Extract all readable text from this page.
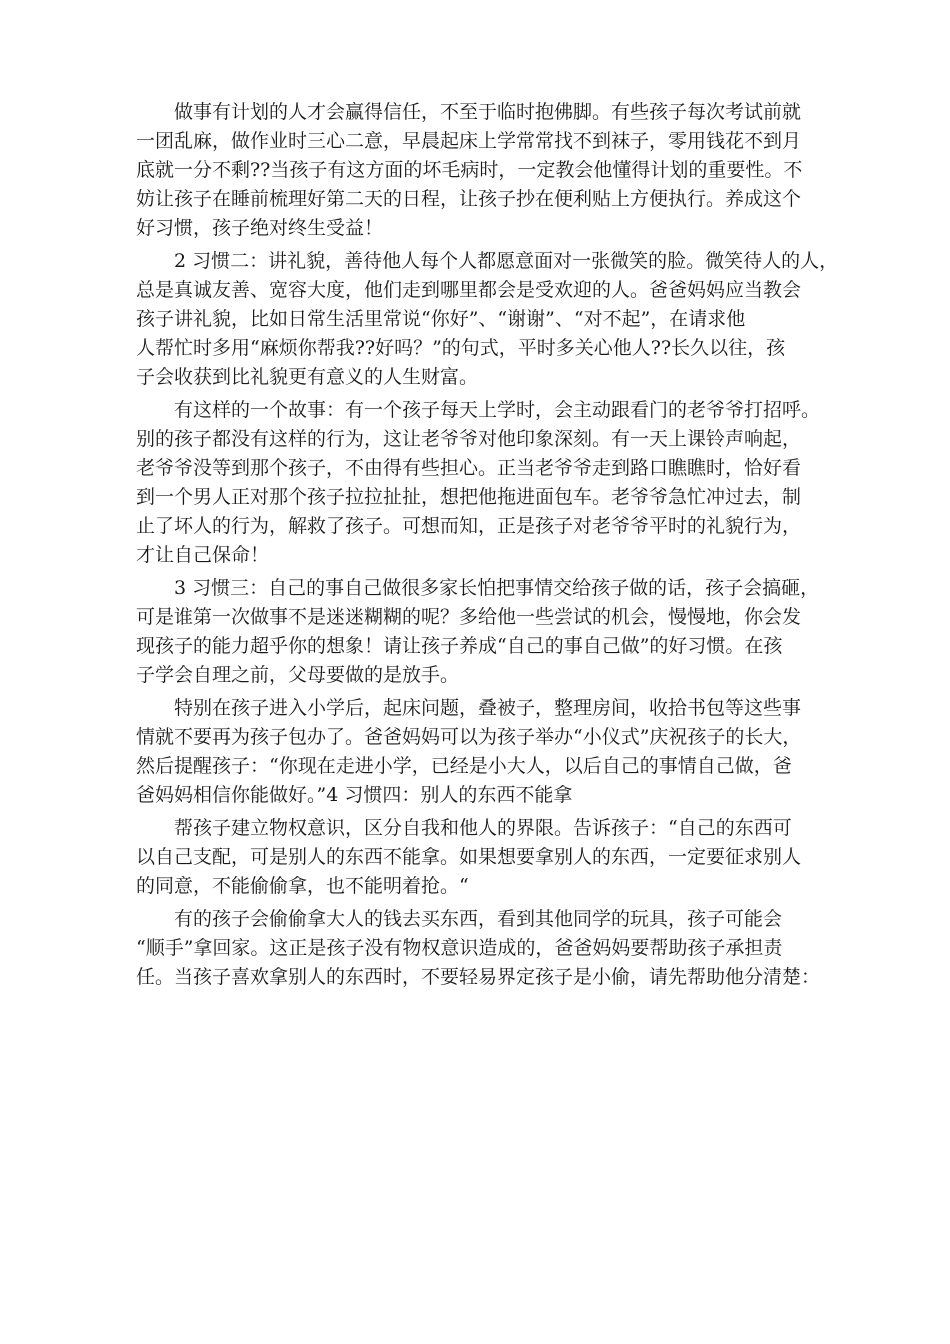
　　做事有计划的人才会赢得信任，不至于临时抱佛脚。有些孩子每次考试前就
一团乱麻，做作业时三心二意，早晨起床上学常常找不到袜子，零用钱花不到月
底就一分不剩??当孩子有这方面的坏毛病时，一定教会他懂得计划的重要性。不
妨让孩子在睡前梳理好第二天的日程，让孩子抄在便利贴上方便执行。养成这个
好习惯，孩子绝对终生受益！
　　2 习惯二：讲礼貌，善待他人每个人都愿意面对一张微笑的脸。微笑待人的人，
总是真诚友善、宽容大度，他们走到哪里都会是受欢迎的人。爸爸妈妈应当教会
孩子讲礼貌，比如日常生活里常说“你好”、“谢谢”、“对不起”，在请求他
人帮忙时多用“麻烦你帮我??好吗？”的句式，平时多关心他人??长久以往，孩
子会收获到比礼貌更有意义的人生财富。
　　有这样的一个故事：有一个孩子每天上学时，会主动跟看门的老爷爷打招呼。
别的孩子都没有这样的行为，这让老爷爷对他印象深刻。有一天上课铃声响起，
老爷爷没等到那个孩子，不由得有些担心。正当老爷爷走到路口瞧瞧时，恰好看
到一个男人正对那个孩子拉拉扯扯，想把他拖进面包车。老爷爷急忙冲过去，制
止了坏人的行为，解救了孩子。可想而知，正是孩子对老爷爷平时的礼貌行为，
才让自己保命！
　　3 习惯三：自己的事自己做很多家长怕把事情交给孩子做的话，孩子会搞砸，
可是谁第一次做事不是迷迷糊糊的呢？多给他一些尝试的机会，慢慢地，你会发
现孩子的能力超乎你的想象！请让孩子养成“自己的事自己做”的好习惯。在孩
子学会自理之前，父母要做的是放手。
　　特别在孩子进入小学后，起床问题，叠被子，整理房间，收拾书包等这些事
情就不要再为孩子包办了。爸爸妈妈可以为孩子举办“小仪式”庆祝孩子的长大，
然后提醒孩子：“你现在走进小学，已经是小大人，以后自己的事情自己做，爸
爸妈妈相信你能做好。”4 习惯四：别人的东西不能拿
　　帮孩子建立物权意识，区分自我和他人的界限。告诉孩子：“自己的东西可
以自己支配，可是别人的东西不能拿。如果想要拿别人的东西，一定要征求别人
的同意，不能偷偷拿，也不能明着抢。“
　　有的孩子会偷偷拿大人的钱去买东西，看到其他同学的玩具，孩子可能会
“顺手”拿回家。这正是孩子没有物权意识造成的，爸爸妈妈要帮助孩子承担责
任。当孩子喜欢拿别人的东西时，不要轻易界定孩子是小偷，请先帮助他分清楚：
